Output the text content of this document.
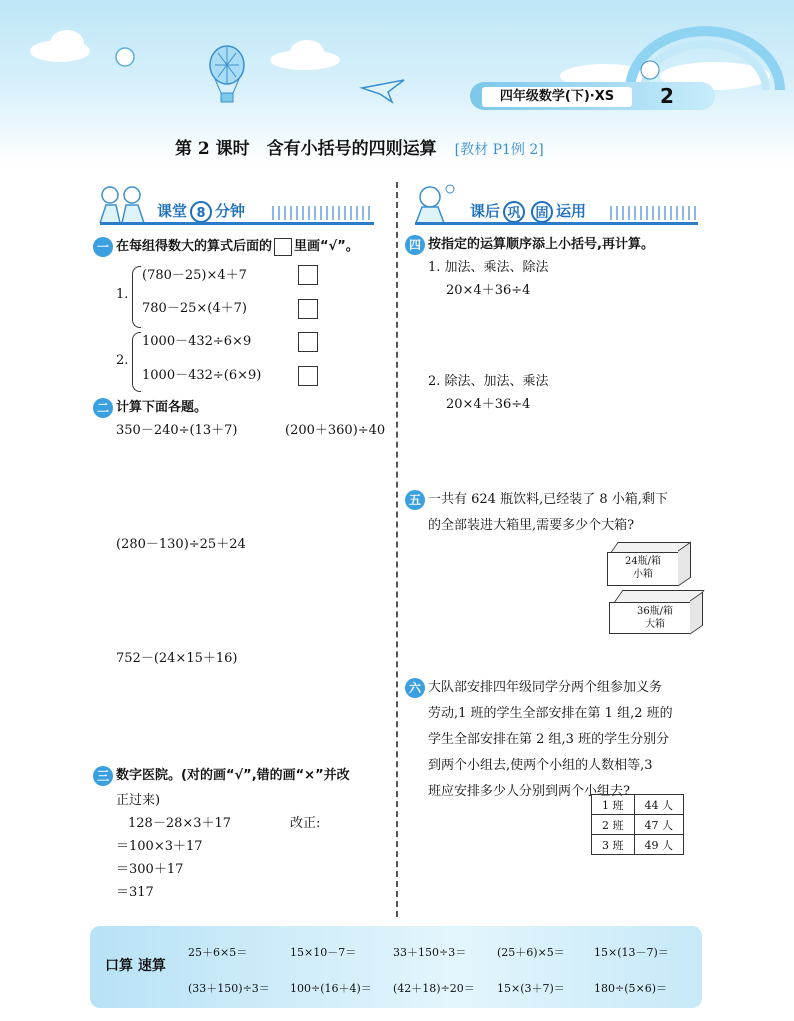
四年级数学(下)·XS	2
第 2 课时　含有小括号的四则运算 [教材 P1例 2]
课堂 8 分钟	课后 巩 固 运用
一 在每组得数大的算式后面的 里画“√”。
1.
(780－25)×4＋7
780－25×(4＋7)
2.
1000－432÷6×9
1000－432÷(6×9)
二 计算下面各题。
350－240÷(13＋7)	(200＋360)÷40
(280－130)÷25＋24
752－(24×15＋16)
三 数字医院。(对的画“√”,错的画“×”并改
正过来)
128－28×3＋17	改正:
＝100×3＋17
＝300＋17
＝317
四 按指定的运算顺序添上小括号,再计算。
1. 加法、乘法、除法
20×4＋36÷4
2. 除法、加法、乘法
20×4＋36÷4
五 一共有 624 瓶饮料,已经装了 8 小箱,剩下
的全部装进大箱里,需要多少个大箱?
24瓶/箱
小箱
36瓶/箱
大箱
六 大队部安排四年级同学分两个组参加义务
劳动,1 班的学生全部安排在第 1 组,2 班的
学生全部安排在第 2 组,3 班的学生分别分
到两个小组去,使两个小组的人数相等,3
班应安排多少人分别到两个小组去?
1 班	44 人
2 班	47 人
3 班	49 人
口算 速算
25＋6×5＝	15×10－7＝	33＋150÷3＝	(25＋6)×5＝	15×(13－7)＝
(33＋150)÷3＝ 100÷(16＋4)＝ (42＋18)÷20＝ 15×(3＋7)＝	180÷(5×6)＝
